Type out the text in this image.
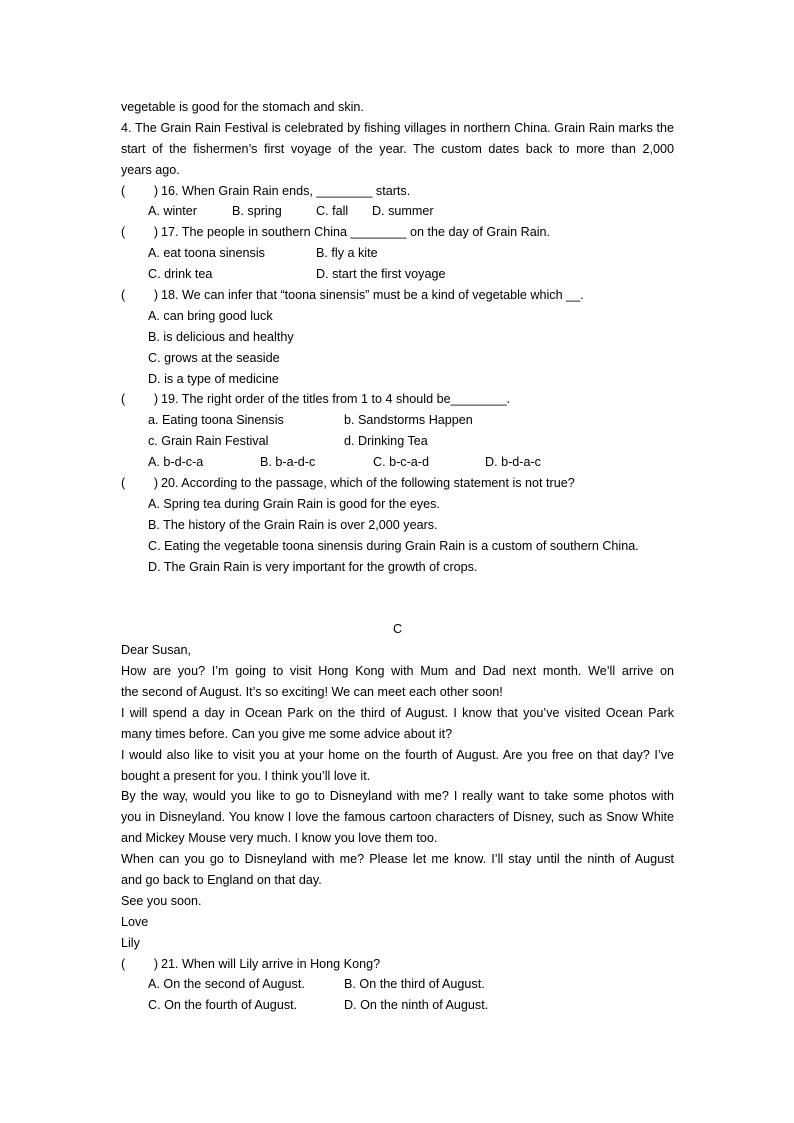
vegetable is good for the stomach and skin.
4. The Grain Rain Festival is celebrated by fishing villages in northern China. Grain Rain marks the
start of the fishermen’s first voyage of the year. The custom dates back to more than 2,000
years ago.
(　　 ) 16. When Grain Rain ends, ________ starts.
A. winter	B. spring	C. fall	D. summer
(　　 ) 17. The people in southern China ________ on the day of Grain Rain.
A. eat toona sinensis	B. fly a kite
C. drink tea	D. start the first voyage
(　　 ) 18. We can infer that “toona sinensis” must be a kind of vegetable which __.
A. can bring good luck
B. is delicious and healthy
C. grows at the seaside
D. is a type of medicine
(　　 ) 19. The right order of the titles from 1 to 4 should be________.
a. Eating toona Sinensis	b. Sandstorms Happen
c. Grain Rain Festival	d. Drinking Tea
A. b-d-c-a	B. b-a-d-c	C. b-c-a-d	D. b-d-a-c
(　　 ) 20. According to the passage, which of the following statement is not true?
A. Spring tea during Grain Rain is good for the eyes.
B. The history of the Grain Rain is over 2,000 years.
C. Eating the vegetable toona sinensis during Grain Rain is a custom of southern China.
D. The Grain Rain is very important for the growth of crops.
C
Dear Susan,
How are you? I’m going to visit Hong Kong with Mum and Dad next month. We’ll arrive on
the second of August. It’s so exciting! We can meet each other soon!
I will spend a day in Ocean Park on the third of August. I know that you’ve visited Ocean Park
many times before. Can you give me some advice about it?
I would also like to visit you at your home on the fourth of August. Are you free on that day? I’ve
bought a present for you. I think you’ll love it.
By the way, would you like to go to Disneyland with me? I really want to take some photos with
you in Disneyland. You know I love the famous cartoon characters of Disney, such as Snow White
and Mickey Mouse very much. I know you love them too.
When can you go to Disneyland with me? Please let me know. I’ll stay until the ninth of August
and go back to England on that day.
See you soon.
Love
Lily
(　　 ) 21. When will Lily arrive in Hong Kong?
A. On the second of August.	B. On the third of August.
C. On the fourth of August.	D. On the ninth of August.
